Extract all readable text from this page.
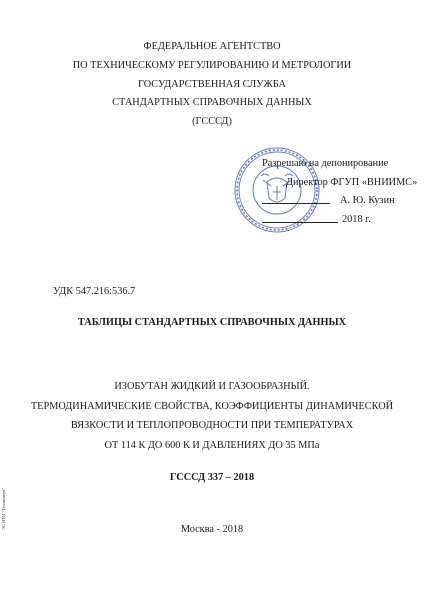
ФЕДЕРАЛЬНОЕ АГЕНТСТВО
ПО ТЕХНИЧЕСКОМУ РЕГУЛИРОВАНИЮ И МЕТРОЛОГИИ
ГОСУДАРСТВЕННАЯ СЛУЖБА
СТАНДАРТНЫХ СПРАВОЧНЫХ ДАННЫХ
(ГСССД)
Разрешаю на депонирование
Директор ФГУП «ВНИИМС»
А. Ю. Кузин
2018 г.
УДК 547.216:536.7
ТАБЛИЦЫ СТАНДАРТНЫХ СПРАВОЧНЫХ ДАННЫХ
ИЗОБУТАН ЖИДКИЙ И ГАЗООБРАЗНЫЙ.
ТЕРМОДИНАМИЧЕСКИЕ СВОЙСТВА, КОЭФФИЦИЕНТЫ ДИНАМИЧЕСКОЙ
ВЯЗКОСТИ И ТЕПЛОПРОВОДНОСТИ ПРИ ТЕМПЕРАТУРАХ
ОТ 114 К ДО 600 К И ДАВЛЕНИЯХ ДО 35 МПа
ГСССД 337 – 2018
Москва - 2018
ЭС ИТИ "Техэксперт"
